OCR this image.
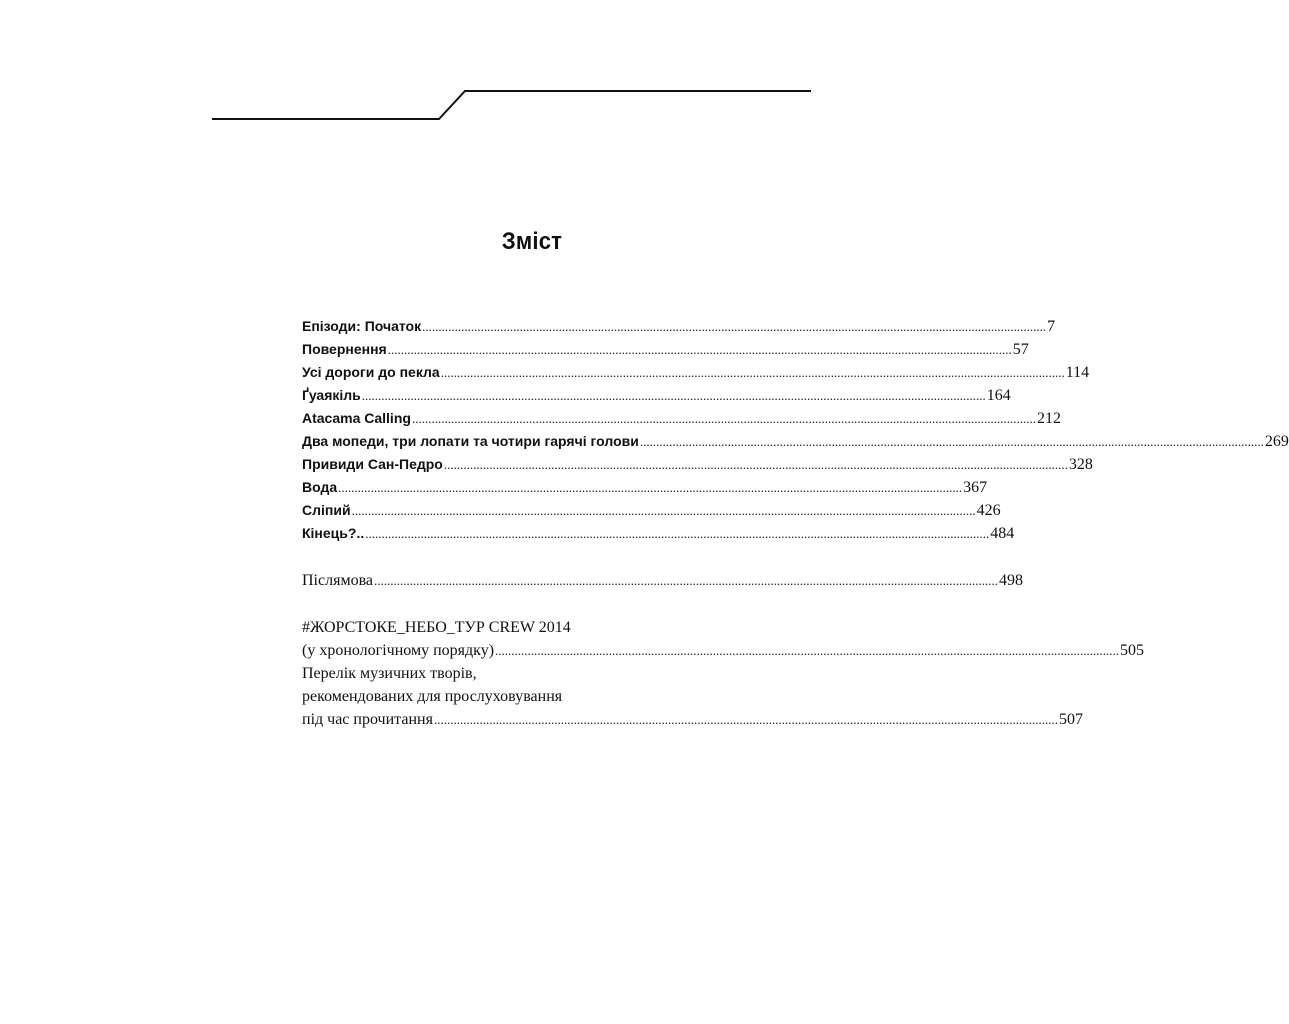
Зміст
Епізоди: Початок ................................................................................................................................................................................................ 7
Повернення ................................................................................................................................................................................................ 57
Усі дороги до пекла ................................................................................................................................................................................................ 114
Ґуаякіль ................................................................................................................................................................................................ 164
Atacama Calling ................................................................................................................................................................................................ 212
Два мопеди, три лопати та чотири гарячі голови ................................................................................................................................................................................................ 269
Привиди Сан-Педро ................................................................................................................................................................................................ 328
Вода ................................................................................................................................................................................................ 367
Сліпий ................................................................................................................................................................................................ 426
Кінець?.. ................................................................................................................................................................................................ 484
Післямова ................................................................................................................................................................................................ 498
#ЖОРСТОКЕ_НЕБО_ТУР CREW 2014
(у хронологічному порядку) ................................................................................................................................................................................................ 505
Перелік музичних творів,
рекомендованих для прослуховування
під час прочитання ................................................................................................................................................................................................ 507
